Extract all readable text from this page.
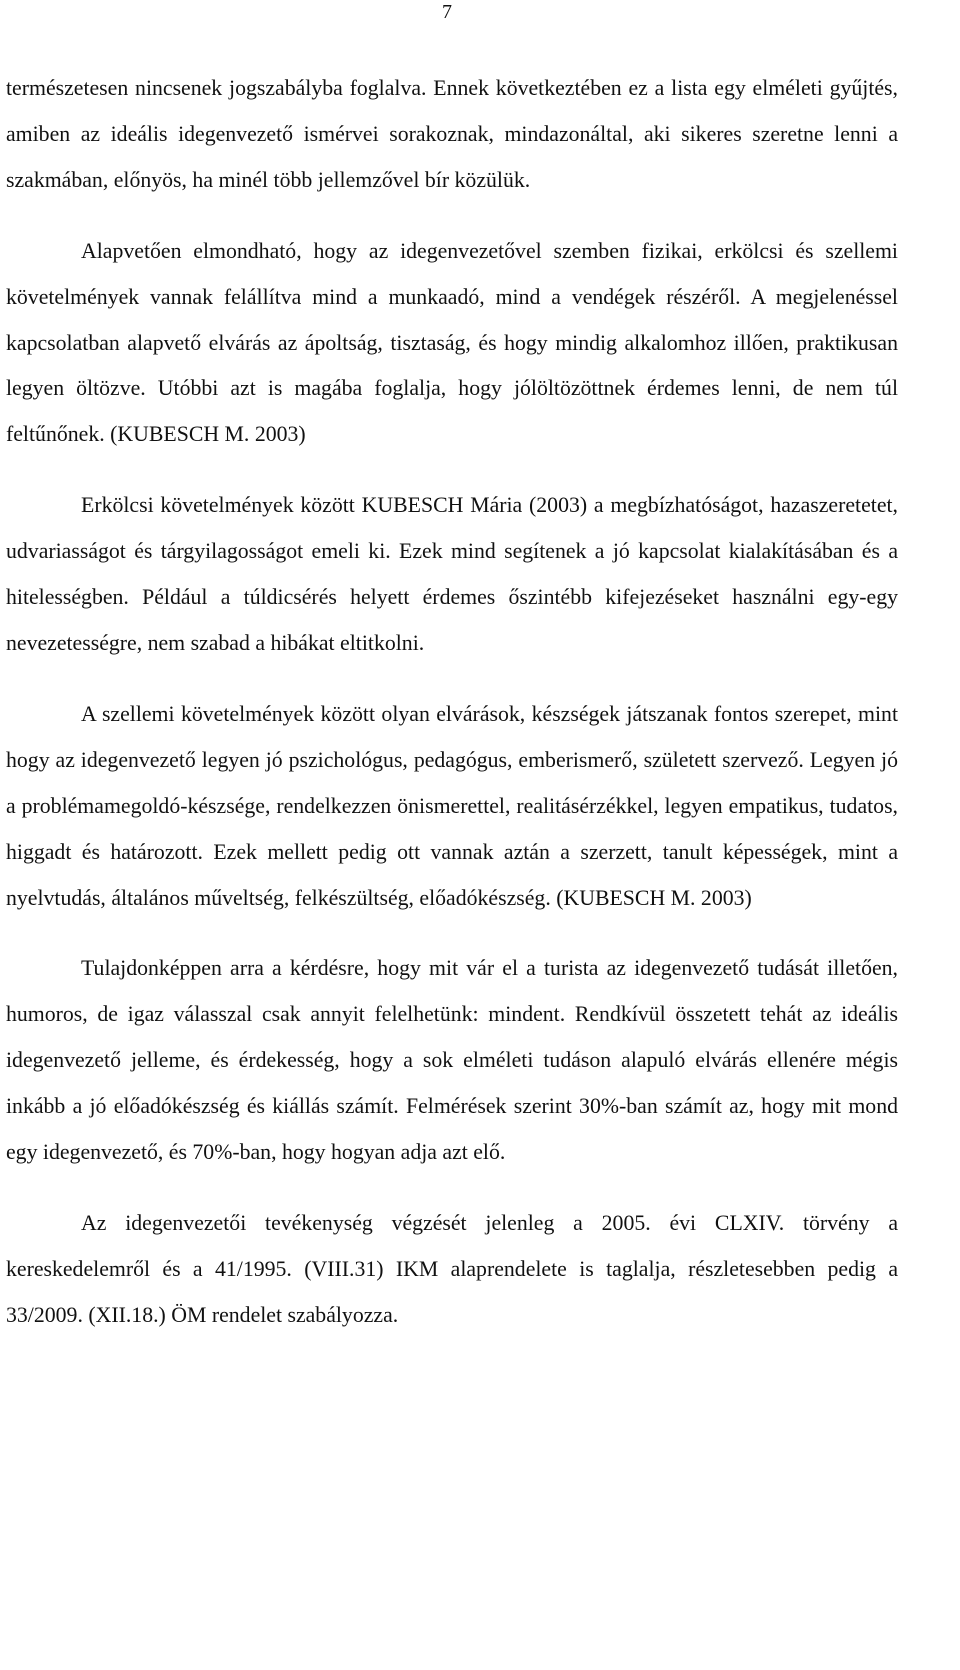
7

természetesen nincsenek jogszabályba foglalva. Ennek következtében ez a lista egy elméleti gyűjtés, amiben az ideális idegenvezető ismérvei sorakoznak, mindazonáltal, aki sikeres szeretne lenni a szakmában, előnyös, ha minél több jellemzővel bír közülük.

Alapvetően elmondható, hogy az idegenvezetővel szemben fizikai, erkölcsi és szellemi követelmények vannak felállítva mind a munkaadó, mind a vendégek részéről. A megjelenéssel kapcsolatban alapvető elvárás az ápoltság, tisztaság, és hogy mindig alkalomhoz illően, praktikusan legyen öltözve. Utóbbi azt is magába foglalja, hogy jólöltözöttnek érdemes lenni, de nem túl feltűnőnek. (KUBESCH M. 2003)

Erkölcsi követelmények között KUBESCH Mária (2003) a megbízhatóságot, hazaszeretetet, udvariasságot és tárgyilagosságot emeli ki. Ezek mind segítenek a jó kapcsolat kialakításában és a hitelességben. Például a túldicsérés helyett érdemes őszintébb kifejezéseket használni egy-egy nevezetességre, nem szabad a hibákat eltitkolni.

A szellemi követelmények között olyan elvárások, készségek játszanak fontos szerepet, mint hogy az idegenvezető legyen jó pszichológus, pedagógus, emberismerő, született szervező. Legyen jó a problémamegoldó-készsége, rendelkezzen önismerettel, realitásérzékkel, legyen empatikus, tudatos, higgadt és határozott. Ezek mellett pedig ott vannak aztán a szerzett, tanult képességek, mint a nyelvtudás, általános műveltség, felkészültség, előadókészség. (KUBESCH M. 2003)

Tulajdonképpen arra a kérdésre, hogy mit vár el a turista az idegenvezető tudását illetően, humoros, de igaz válasszal csak annyit felelhetünk: mindent. Rendkívül összetett tehát az ideális idegenvezető jelleme, és érdekesség, hogy a sok elméleti tudáson alapuló elvárás ellenére mégis inkább a jó előadókészség és kiállás számít. Felmérések szerint 30%-ban számít az, hogy mit mond egy idegenvezető, és 70%-ban, hogy hogyan adja azt elő.

Az idegenvezetői tevékenység végzését jelenleg a 2005. évi CLXIV. törvény a kereskedelemről és a 41/1995. (VIII.31) IKM alaprendelete is taglalja, részletesebben pedig a 33/2009. (XII.18.) ÖM rendelet szabályozza.
